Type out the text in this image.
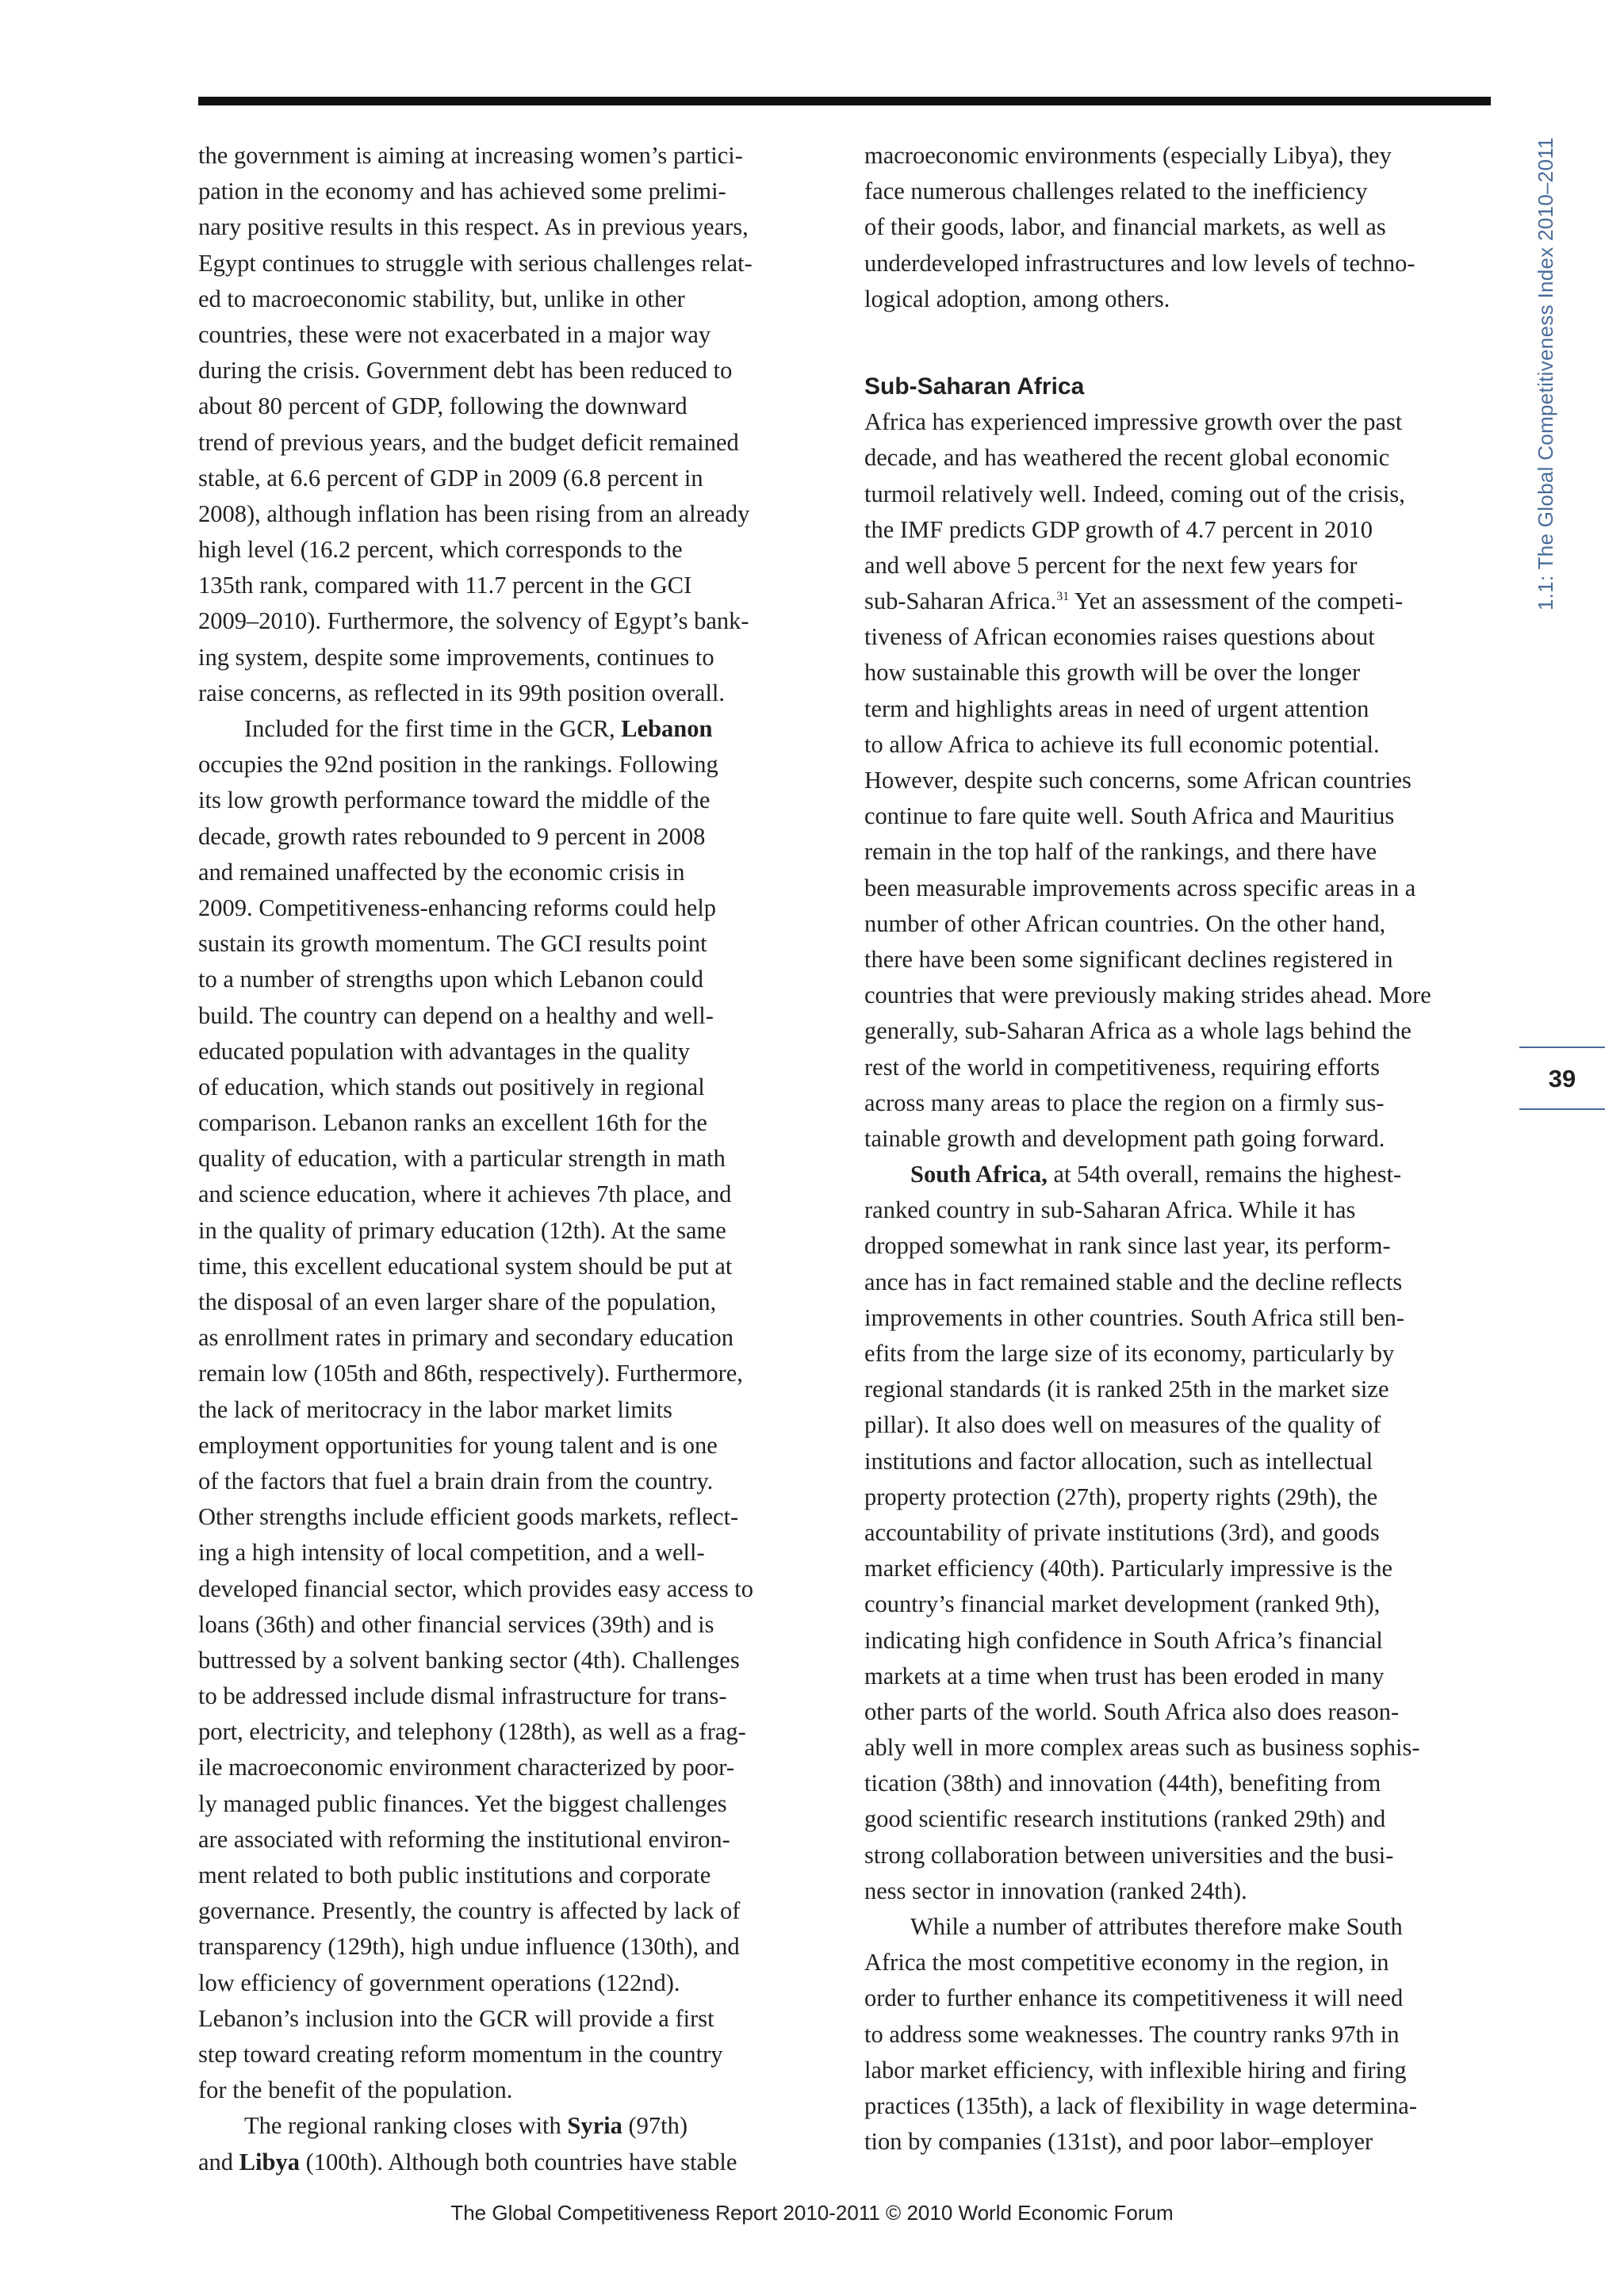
1.1: The Global Competitiveness Index 2010–2011
39
the government is aiming at increasing women’s partici-
pation in the economy and has achieved some prelimi-
nary positive results in this respect. As in previous years,
Egypt continues to struggle with serious challenges relat-
ed to macroeconomic stability, but, unlike in other
countries, these were not exacerbated in a major way
during the crisis. Government debt has been reduced to
about 80 percent of GDP, following the downward
trend of previous years, and the budget deficit remained
stable, at 6.6 percent of GDP in 2009 (6.8 percent in
2008), although inflation has been rising from an already
high level (16.2 percent, which corresponds to the
135th rank, compared with 11.7 percent in the GCI
2009–2010). Furthermore, the solvency of Egypt’s bank-
ing system, despite some improvements, continues to
raise concerns, as reflected in its 99th position overall.
Included for the first time in the GCR, Lebanon
occupies the 92nd position in the rankings. Following
its low growth performance toward the middle of the
decade, growth rates rebounded to 9 percent in 2008
and remained unaffected by the economic crisis in
2009. Competitiveness-enhancing reforms could help
sustain its growth momentum. The GCI results point
to a number of strengths upon which Lebanon could
build. The country can depend on a healthy and well-
educated population with advantages in the quality
of education, which stands out positively in regional
comparison. Lebanon ranks an excellent 16th for the
quality of education, with a particular strength in math
and science education, where it achieves 7th place, and
in the quality of primary education (12th). At the same
time, this excellent educational system should be put at
the disposal of an even larger share of the population,
as enrollment rates in primary and secondary education
remain low (105th and 86th, respectively). Furthermore,
the lack of meritocracy in the labor market limits
employment opportunities for young talent and is one
of the factors that fuel a brain drain from the country.
Other strengths include efficient goods markets, reflect-
ing a high intensity of local competition, and a well-
developed financial sector, which provides easy access to
loans (36th) and other financial services (39th) and is
buttressed by a solvent banking sector (4th). Challenges
to be addressed include dismal infrastructure for trans-
port, electricity, and telephony (128th), as well as a frag-
ile macroeconomic environment characterized by poor-
ly managed public finances. Yet the biggest challenges
are associated with reforming the institutional environ-
ment related to both public institutions and corporate
governance. Presently, the country is affected by lack of
transparency (129th), high undue influence (130th), and
low efficiency of government operations (122nd).
Lebanon’s inclusion into the GCR will provide a first
step toward creating reform momentum in the country
for the benefit of the population.
The regional ranking closes with Syria (97th)
and Libya (100th). Although both countries have stable
macroeconomic environments (especially Libya), they
face numerous challenges related to the inefficiency
of their goods, labor, and financial markets, as well as
underdeveloped infrastructures and low levels of techno-
logical adoption, among others.
Sub-Saharan Africa
Africa has experienced impressive growth over the past
decade, and has weathered the recent global economic
turmoil relatively well. Indeed, coming out of the crisis,
the IMF predicts GDP growth of 4.7 percent in 2010
and well above 5 percent for the next few years for
sub-Saharan Africa.$^{31}$ Yet an assessment of the competi-
tiveness of African economies raises questions about
how sustainable this growth will be over the longer
term and highlights areas in need of urgent attention
to allow Africa to achieve its full economic potential.
However, despite such concerns, some African countries
continue to fare quite well. South Africa and Mauritius
remain in the top half of the rankings, and there have
been measurable improvements across specific areas in a
number of other African countries. On the other hand,
there have been some significant declines registered in
countries that were previously making strides ahead. More
generally, sub-Saharan Africa as a whole lags behind the
rest of the world in competitiveness, requiring efforts
across many areas to place the region on a firmly sus-
tainable growth and development path going forward.
South Africa, at 54th overall, remains the highest-
ranked country in sub-Saharan Africa. While it has
dropped somewhat in rank since last year, its perform-
ance has in fact remained stable and the decline reflects
improvements in other countries. South Africa still ben-
efits from the large size of its economy, particularly by
regional standards (it is ranked 25th in the market size
pillar). It also does well on measures of the quality of
institutions and factor allocation, such as intellectual
property protection (27th), property rights (29th), the
accountability of private institutions (3rd), and goods
market efficiency (40th). Particularly impressive is the
country’s financial market development (ranked 9th),
indicating high confidence in South Africa’s financial
markets at a time when trust has been eroded in many
other parts of the world. South Africa also does reason-
ably well in more complex areas such as business sophis-
tication (38th) and innovation (44th), benefiting from
good scientific research institutions (ranked 29th) and
strong collaboration between universities and the busi-
ness sector in innovation (ranked 24th).
While a number of attributes therefore make South
Africa the most competitive economy in the region, in
order to further enhance its competitiveness it will need
to address some weaknesses. The country ranks 97th in
labor market efficiency, with inflexible hiring and firing
practices (135th), a lack of flexibility in wage determina-
tion by companies (131st), and poor labor–employer
The Global Competitiveness Report 2010-2011 © 2010 World Economic Forum
